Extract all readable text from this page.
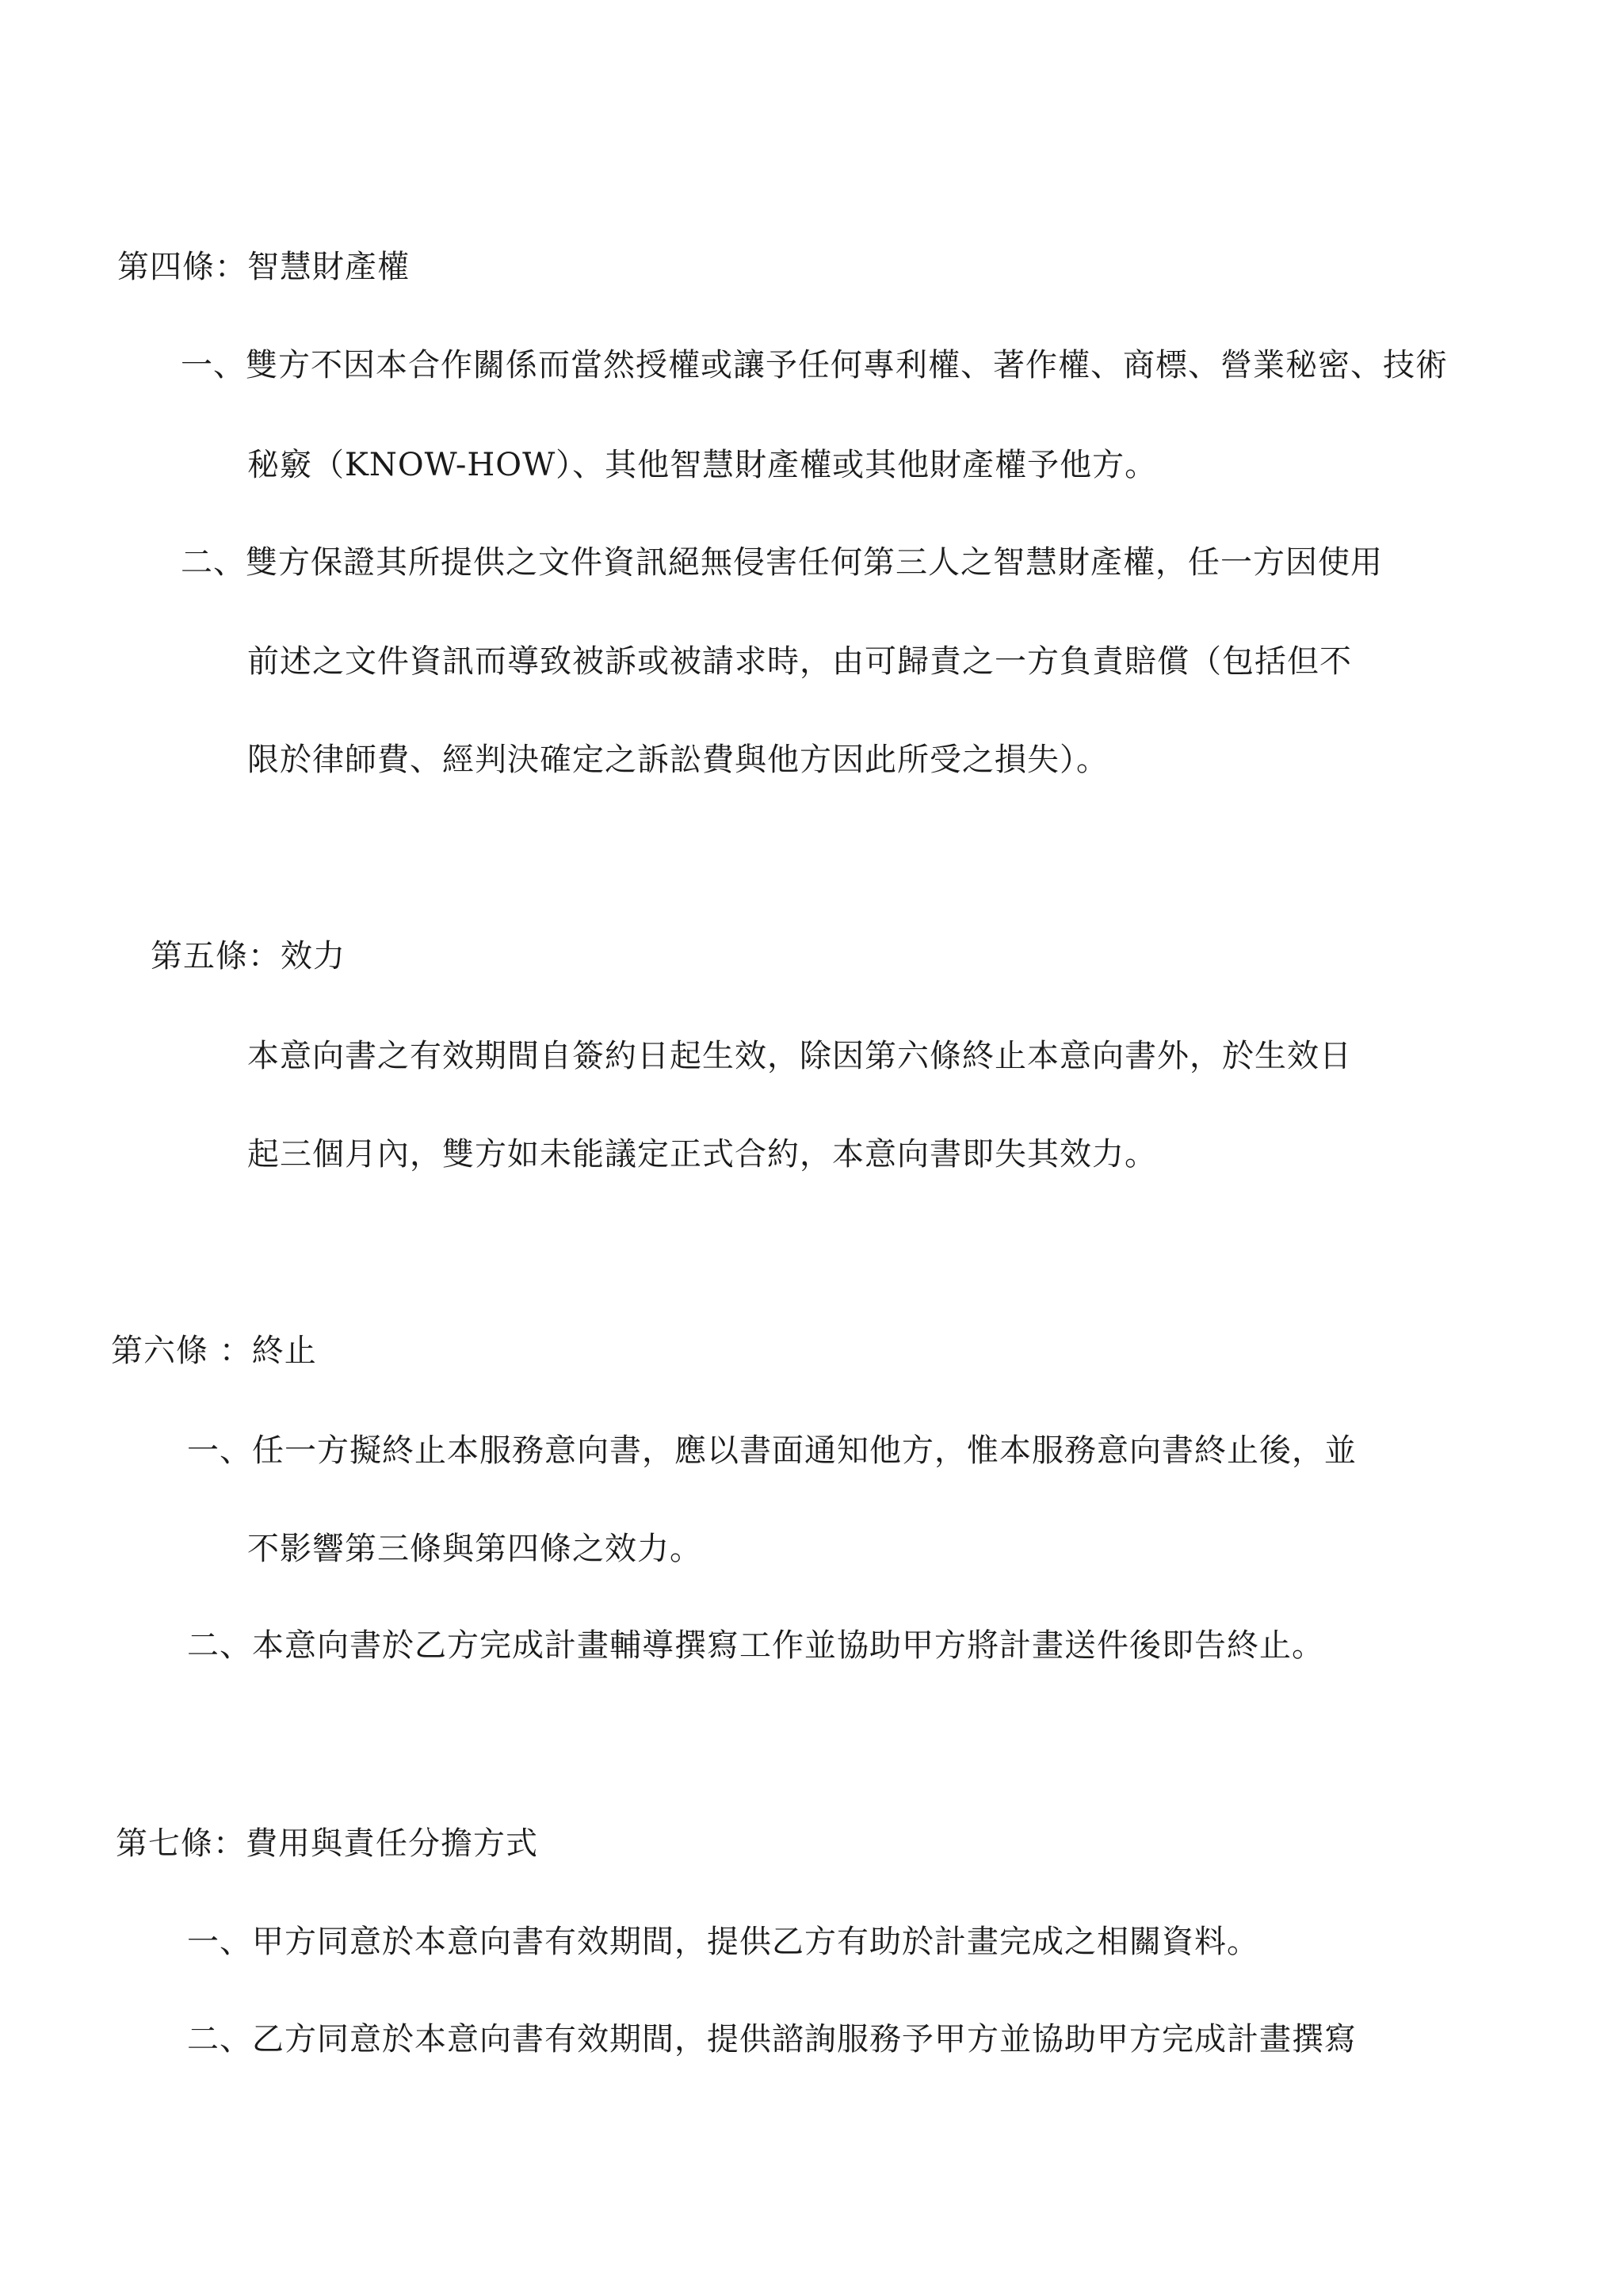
第四條：智慧財產權
一、雙方不因本合作關係而當然授權或讓予任何專利權、著作權、商標、營業秘密、技術
秘竅（KNOW-HOW）、其他智慧財產權或其他財產權予他方。
二、雙方保證其所提供之文件資訊絕無侵害任何第三人之智慧財產權，任一方因使用
前述之文件資訊而導致被訴或被請求時，由可歸責之一方負責賠償（包括但不
限於律師費、經判決確定之訴訟費與他方因此所受之損失）。
第五條：效力
本意向書之有效期間自簽約日起生效，除因第六條終止本意向書外，於生效日
起三個月內，雙方如未能議定正式合約，本意向書即失其效力。
第六條 ：終止
一、任一方擬終止本服務意向書，應以書面通知他方，惟本服務意向書終止後，並
不影響第三條與第四條之效力。
二、本意向書於乙方完成計畫輔導撰寫工作並協助甲方將計畫送件後即告終止。
第七條：費用與責任分擔方式
一、甲方同意於本意向書有效期間，提供乙方有助於計畫完成之相關資料。
二、乙方同意於本意向書有效期間，提供諮詢服務予甲方並協助甲方完成計畫撰寫
